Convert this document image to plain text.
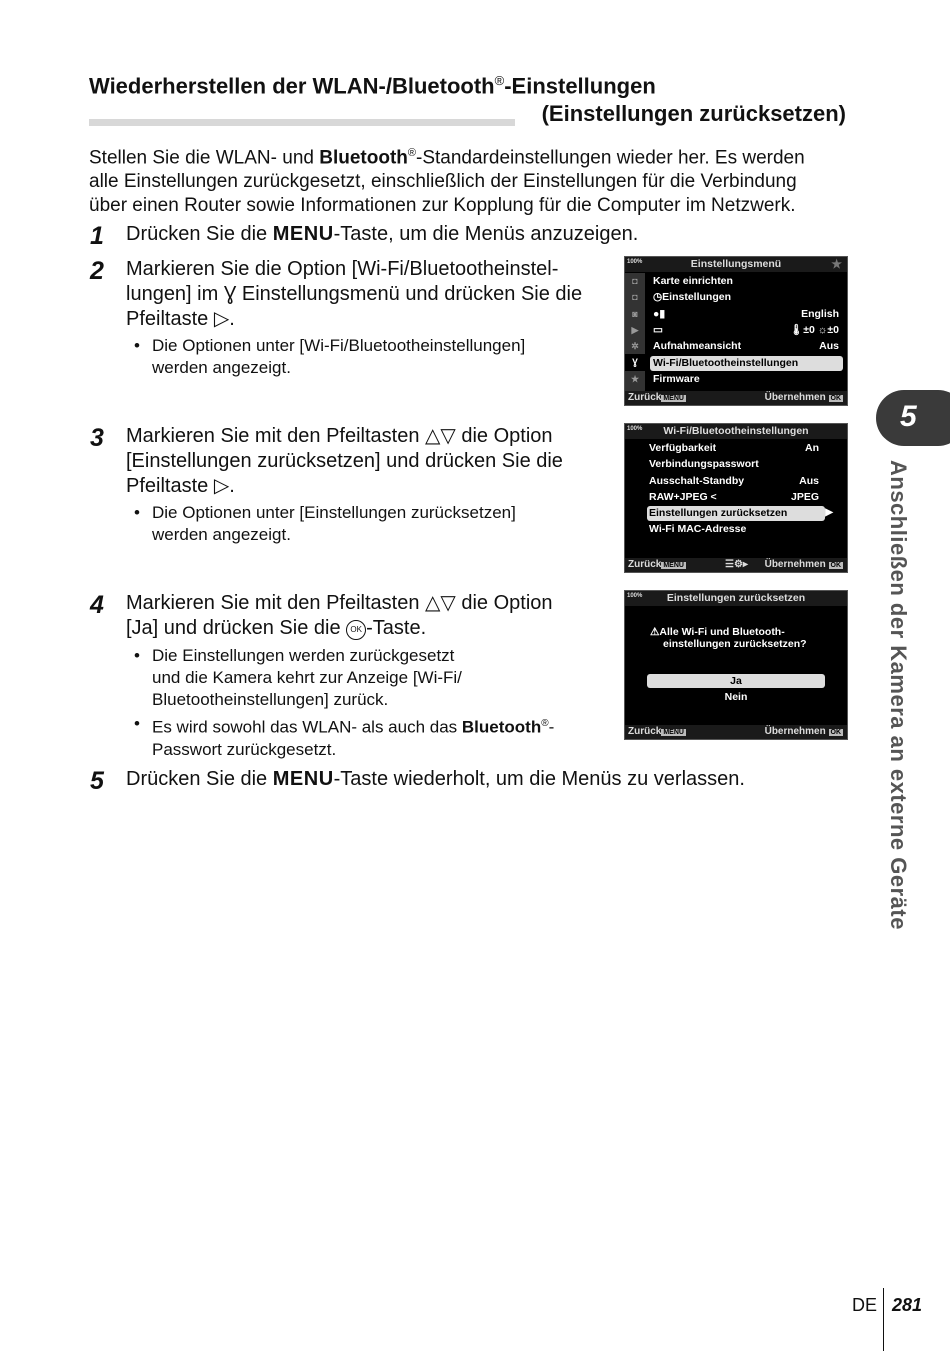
Wiederherstellen der WLAN-/Bluetooth®-Einstellungen
(Einstellungen zurücksetzen)
Stellen Sie die WLAN- und Bluetooth®-Standardeinstellungen wieder her. Es werden
alle Einstellungen zurückgesetzt, einschließlich der Einstellungen für die Verbindung
über einen Router sowie Informationen zur Kopplung für die Computer im Netzwerk.
1 Drücken Sie die MENU-Taste, um die Menüs anzuzeigen.
2 Markieren Sie die Option [Wi-Fi/Bluetootheinstel-
lungen] im Ɣ Einstellungsmenü und drücken Sie die
Pfeiltaste ▷.
• Die Optionen unter [Wi-Fi/Bluetootheinstellungen]
werden angezeigt.
3 Markieren Sie mit den Pfeiltasten △▽ die Option
[Einstellungen zurücksetzen] und drücken Sie die
Pfeiltaste ▷.
• Die Optionen unter [Einstellungen zurücksetzen]
werden angezeigt.
4 Markieren Sie mit den Pfeiltasten △▽ die Option
[Ja] und drücken Sie die OK -Taste.
• Die Einstellungen werden zurückgesetzt
und die Kamera kehrt zur Anzeige [Wi-Fi/
Bluetootheinstellungen] zurück.
• Es wird sowohl das WLAN- als auch das Bluetooth®-
Passwort zurückgesetzt.
5 Drücken Sie die MENU-Taste wiederholt, um die Menüs zu verlassen.
Einstellungsmenü
100%	★
◘
◘
◙
▶
✲
Ɣ
★
Karte einrichten
◷Einstellungen
●▮	English
▭	🌡±0 ☼±0
Aufnahmeansicht	Aus
Wi-Fi/Bluetootheinstellungen
Firmware
Zurück MENU	Übernehmen OK
Wi-Fi/Bluetootheinstellungen
100%
Verfügbarkeit	An
Verbindungspasswort
Ausschalt-Standby	Aus
RAW+JPEG <	JPEG
Einstellungen zurücksetzen	▶
Wi-Fi MAC-Adresse
Zurück MENU	☰⚙▸ Übernehmen OK
Einstellungen zurücksetzen
100%
⚠Alle Wi-Fi und Bluetooth-
einstellungen zurücksetzen?
Ja
Nein
Zurück MENU	Übernehmen OK
5
Anschließen der Kamera an externe Geräte
DE 281
